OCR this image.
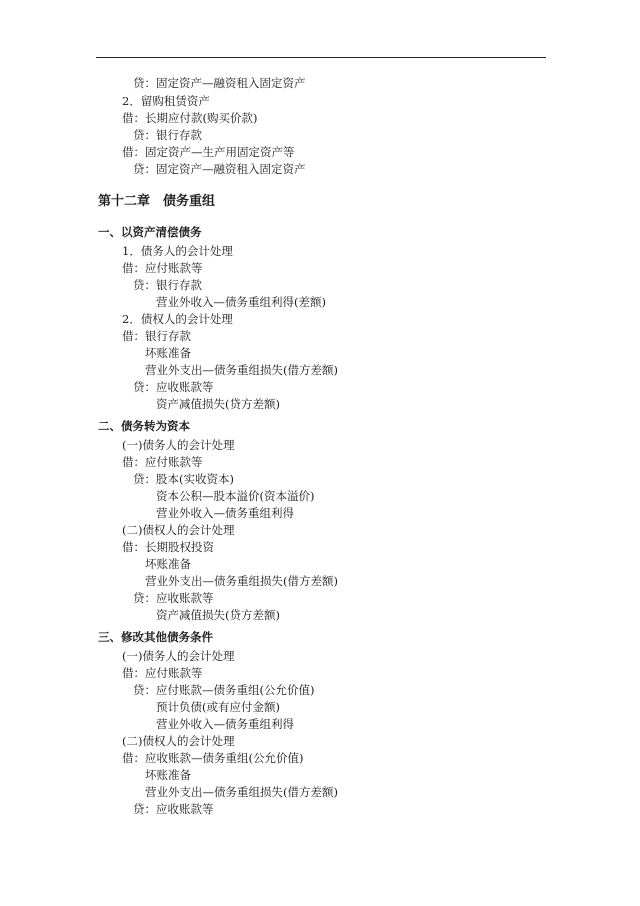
贷：固定资产—融资租入固定资产
2．留购租赁资产
借：长期应付款(购买价款)
贷：银行存款
借：固定资产—生产用固定资产等
贷：固定资产—融资租入固定资产
第十二章　债务重组
一、以资产清偿债务
1．债务人的会计处理
借：应付账款等
贷：银行存款
营业外收入—债务重组利得(差额)
2．债权人的会计处理
借：银行存款
坏账准备
营业外支出—债务重组损失(借方差额)
贷：应收账款等
资产减值损失(贷方差额)
二、债务转为资本
(一)债务人的会计处理
借：应付账款等
贷：股本(实收资本)
资本公积—股本溢价(资本溢价)
营业外收入—债务重组利得
(二)债权人的会计处理
借：长期股权投资
坏账准备
营业外支出—债务重组损失(借方差额)
贷：应收账款等
资产减值损失(贷方差额)
三、修改其他债务条件
(一)债务人的会计处理
借：应付账款等
贷：应付账款—债务重组(公允价值)
预计负债(或有应付金额)
营业外收入—债务重组利得
(二)债权人的会计处理
借：应收账款—债务重组(公允价值)
坏账准备
营业外支出—债务重组损失(借方差额)
贷：应收账款等
